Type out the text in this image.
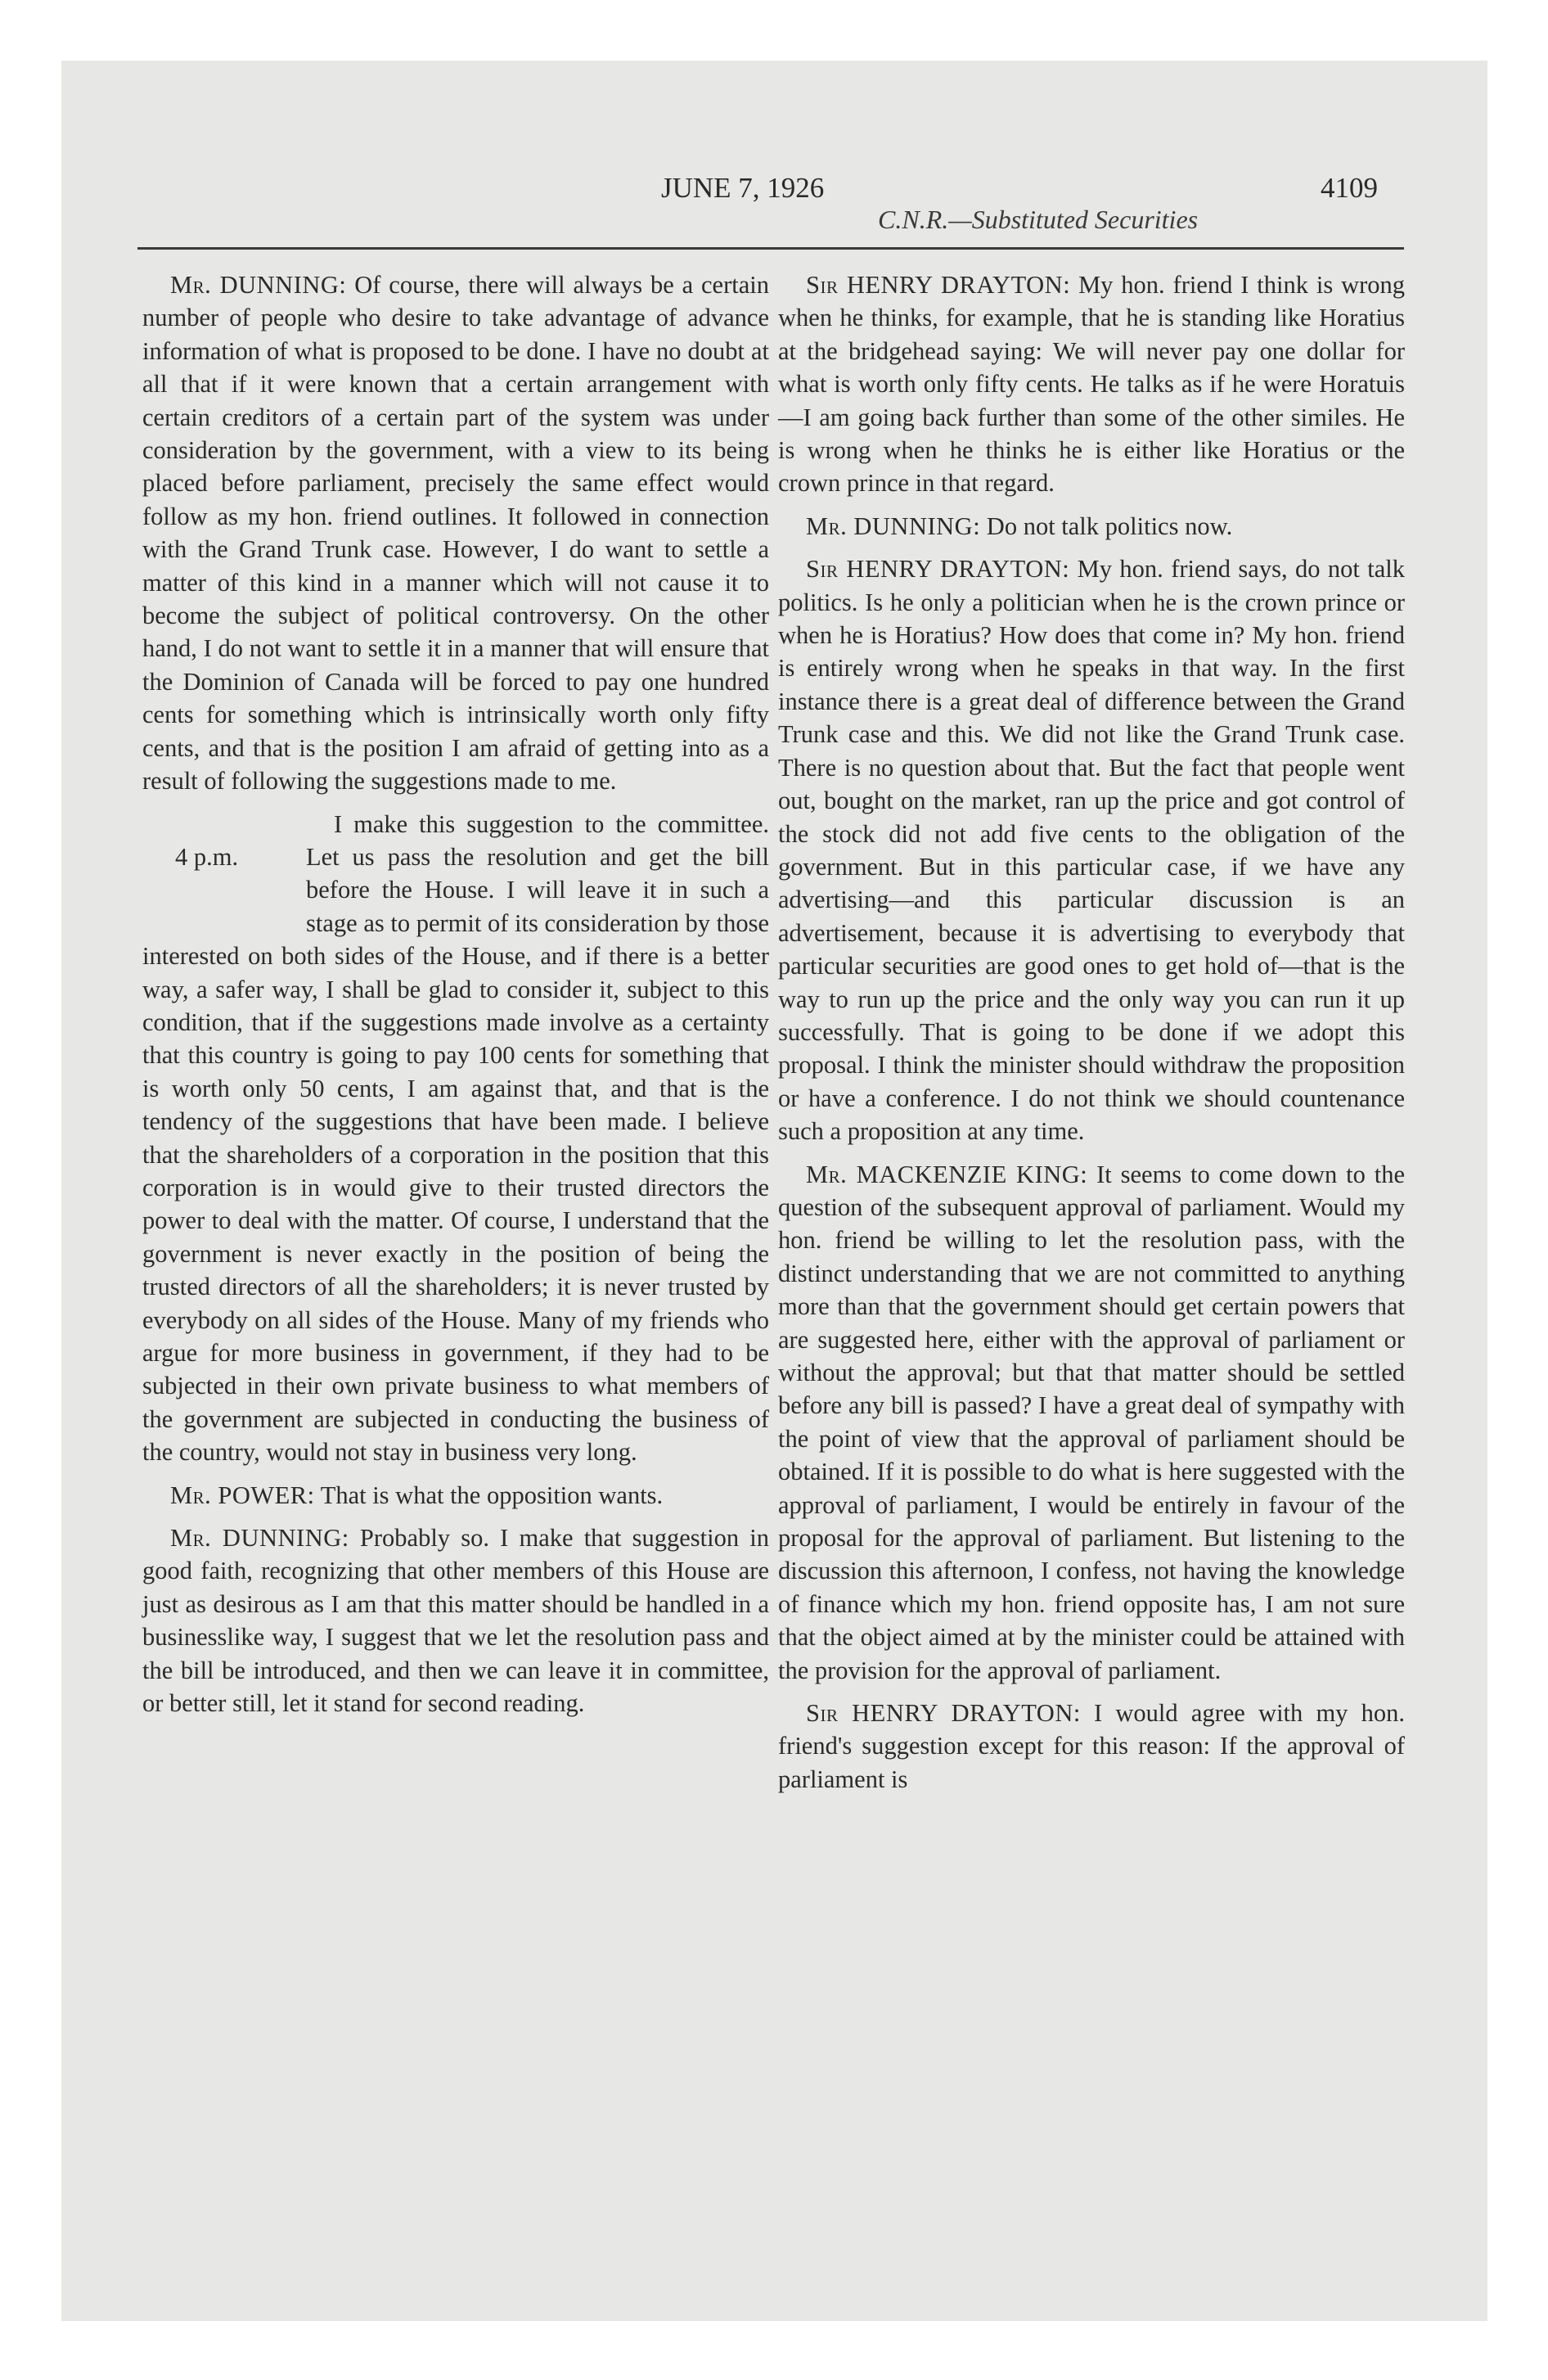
JUNE 7, 1926
C.N.R.—Substituted Securities
4109

Mr. DUNNING: Of course, there will always be a certain number of people who desire to take advantage of advance information of what is proposed to be done. I have no doubt at all that if it were known that a certain arrangement with certain creditors of a certain part of the system was under consideration by the government, with a view to its being placed before parliament, precisely the same effect would follow as my hon. friend outlines. It followed in connection with the Grand Trunk case. However, I do want to settle a matter of this kind in a manner which will not cause it to become the subject of political controversy. On the other hand, I do not want to settle it in a manner that will ensure that the Dominion of Canada will be forced to pay one hundred cents for something which is intrinsically worth only fifty cents, and that is the position I am afraid of getting into as a result of following the suggestions made to me.

4 p.m.
I make this suggestion to the committee. Let us pass the resolution and get the bill before the House. I will leave it in such a stage as to permit of its consideration by those interested on both sides of the House, and if there is a better way, a safer way, I shall be glad to consider it, subject to this condition, that if the suggestions made involve as a certainty that this country is going to pay 100 cents for something that is worth only 50 cents, I am against that, and that is the tendency of the suggestions that have been made. I believe that the shareholders of a corporation in the position that this corporation is in would give to their trusted directors the power to deal with the matter. Of course, I understand that the government is never exactly in the position of being the trusted directors of all the shareholders; it is never trusted by everybody on all sides of the House. Many of my friends who argue for more business in government, if they had to be subjected in their own private business to what members of the government are subjected in conducting the business of the country, would not stay in business very long.

Mr. POWER: That is what the opposition wants.

Mr. DUNNING: Probably so. I make that suggestion in good faith, recognizing that other members of this House are just as desirous as I am that this matter should be handled in a businesslike way, I suggest that we let the resolution pass and the bill be introduced, and then we can leave it in committee, or better still, let it stand for second reading.

Sir HENRY DRAYTON: My hon. friend I think is wrong when he thinks, for example, that he is standing like Horatius at the bridgehead saying: We will never pay one dollar for what is worth only fifty cents. He talks as if he were Horatuis—I am going back further than some of the other similes. He is wrong when he thinks he is either like Horatius or the crown prince in that regard.

Mr. DUNNING: Do not talk politics now.

Sir HENRY DRAYTON: My hon. friend says, do not talk politics. Is he only a politician when he is the crown prince or when he is Horatius? How does that come in? My hon. friend is entirely wrong when he speaks in that way. In the first instance there is a great deal of difference between the Grand Trunk case and this. We did not like the Grand Trunk case. There is no question about that. But the fact that people went out, bought on the market, ran up the price and got control of the stock did not add five cents to the obligation of the government. But in this particular case, if we have any advertising—and this particular discussion is an advertisement, because it is advertising to everybody that particular securities are good ones to get hold of—that is the way to run up the price and the only way you can run it up successfully. That is going to be done if we adopt this proposal. I think the minister should withdraw the proposition or have a conference. I do not think we should countenance such a proposition at any time.

Mr. MACKENZIE KING: It seems to come down to the question of the subsequent approval of parliament. Would my hon. friend be willing to let the resolution pass, with the distinct understanding that we are not committed to anything more than that the government should get certain powers that are suggested here, either with the approval of parliament or without the approval; but that that matter should be settled before any bill is passed? I have a great deal of sympathy with the point of view that the approval of parliament should be obtained. If it is possible to do what is here suggested with the approval of parliament, I would be entirely in favour of the proposal for the approval of parliament. But listening to the discussion this afternoon, I confess, not having the knowledge of finance which my hon. friend opposite has, I am not sure that the object aimed at by the minister could be attained with the provision for the approval of parliament.

Sir HENRY DRAYTON: I would agree with my hon. friend's suggestion except for this reason: If the approval of parliament is
